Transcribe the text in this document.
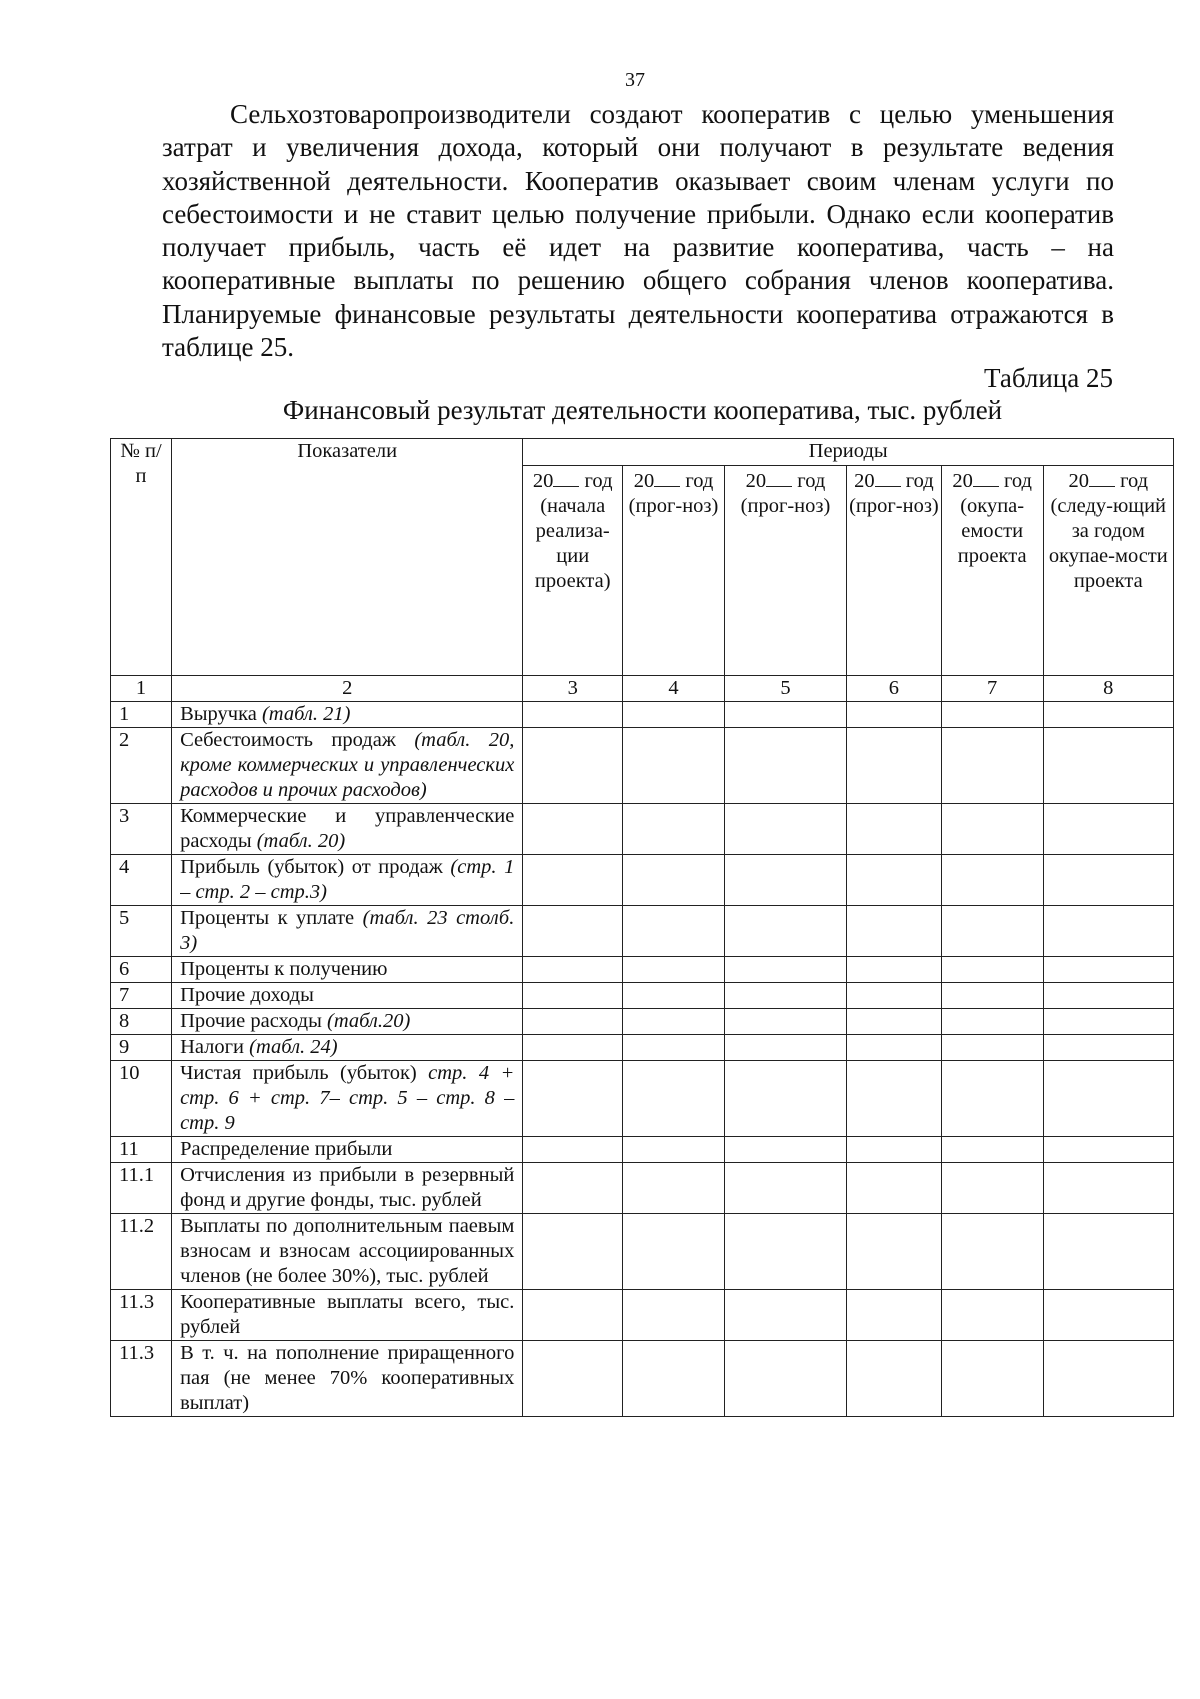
37

Сельхозтоваропроизводители создают кооператив с целью уменьшения затрат и увеличения дохода, который они получают в результате ведения хозяйственной деятельности. Кооператив оказывает своим членам услуги по себестоимости и не ставит целью получение прибыли. Однако если кооператив получает прибыль, часть её идет на развитие кооператива, часть – на кооперативные выплаты по решению общего собрания членов кооператива. Планируемые финансовые результаты деятельности кооператива отражаются в таблице 25.

Таблица 25
Финансовый результат деятельности кооператива, тыс. рублей
№ п/п	Показатели	Периоды					
		20 год (начала реализа-ции проекта)	20 год (прог-ноз)	20 год (прог-ноз)	20 год (прог-ноз)	20 год (окупа-емости проекта	20 год (следу-ющий за годом окупае-мости проекта
1	2	3	4	5	6	7	8
1	Выручка (табл. 21)						
2	Себестоимость продаж (табл. 20, кроме коммерческих и управленческих расходов и прочих расходов)						
3	Коммерческие и управленческие расходы (табл. 20)						
4	Прибыль (убыток) от продаж (стр. 1 – стр. 2 – стр.3)						
5	Проценты к уплате (табл. 23 столб. 3)						
6	Проценты к получению						
7	Прочие доходы						
8	Прочие расходы (табл.20)						
9	Налоги (табл. 24)						
10	Чистая прибыль (убыток) стр. 4 + стр. 6 + стр. 7– стр. 5 – стр. 8 – стр. 9						
11	Распределение прибыли						
11.1	Отчисления из прибыли в резервный фонд и другие фонды, тыс. рублей						
11.2	Выплаты по дополнительным паевым взносам и взносам ассоциированных членов (не более 30%), тыс. рублей						
11.3	Кооперативные выплаты всего, тыс. рублей						
11.3	В т. ч. на пополнение приращенного пая (не менее 70% кооперативных выплат)						
